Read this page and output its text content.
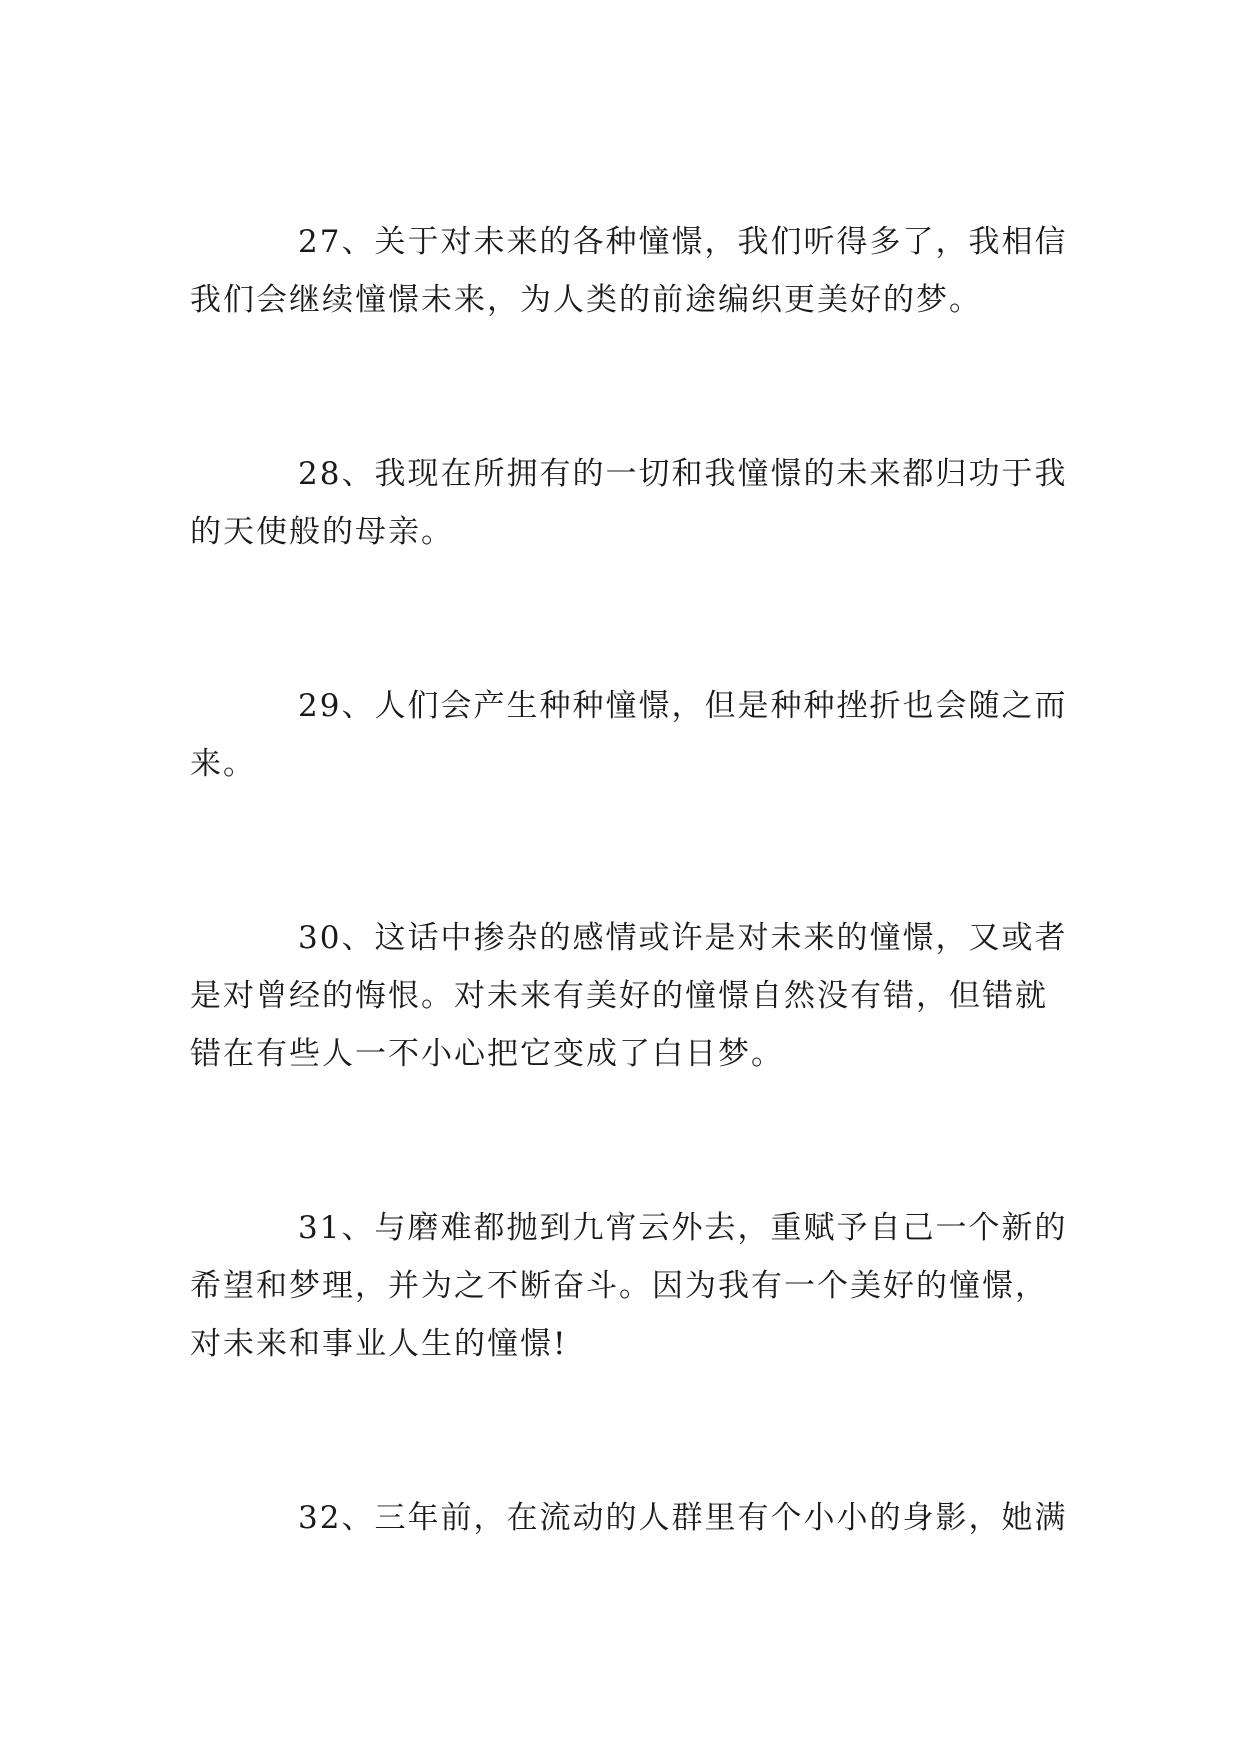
27、关于对未来的各种憧憬，我们听得多了，我相信
我们会继续憧憬未来，为人类的前途编织更美好的梦。
28、我现在所拥有的一切和我憧憬的未来都归功于我
的天使般的母亲。
29、人们会产生种种憧憬，但是种种挫折也会随之而
来。
30、这话中掺杂的感情或许是对未来的憧憬，又或者
是对曾经的悔恨。对未来有美好的憧憬自然没有错，但错就
错在有些人一不小心把它变成了白日梦。
31、与磨难都抛到九宵云外去，重赋予自己一个新的
希望和梦理，并为之不断奋斗。因为我有一个美好的憧憬，
对未来和事业人生的憧憬!
32、三年前，在流动的人群里有个小小的身影，她满
